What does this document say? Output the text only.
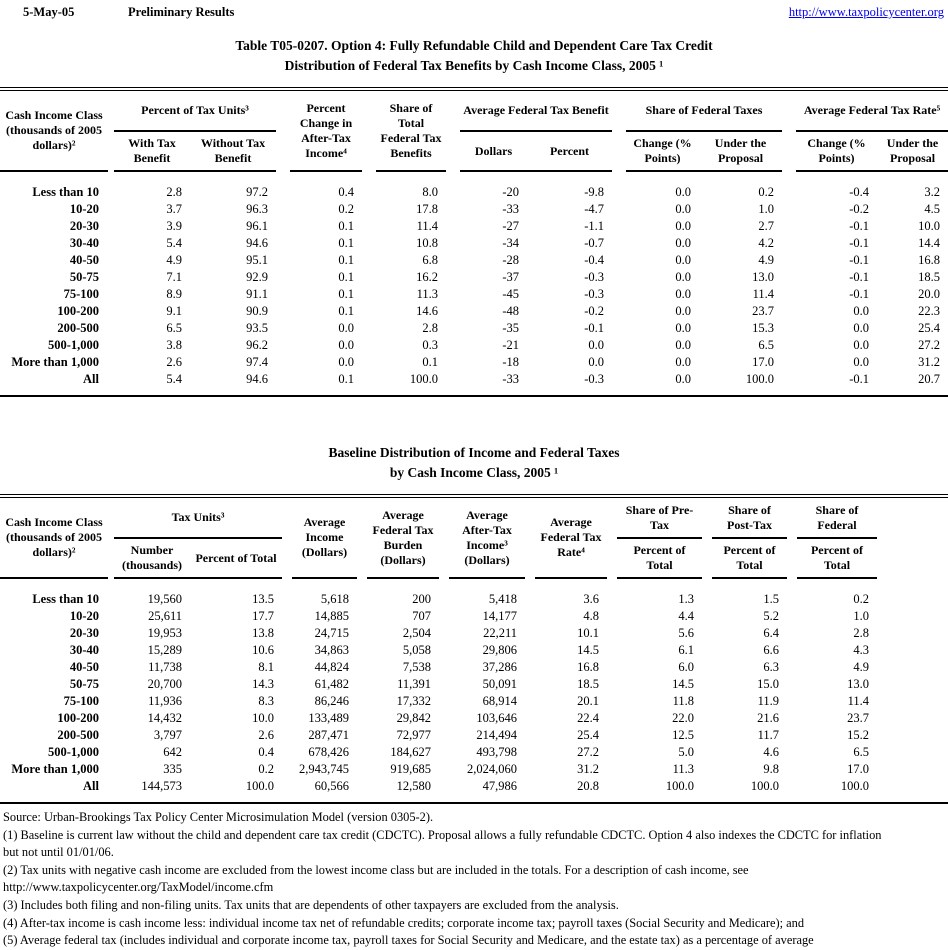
5-May-05	Preliminary Results	http://www.taxpolicycenter.org
Table T05-0207. Option 4: Fully Refundable Child and Dependent Care Tax Credit
Distribution of Federal Tax Benefits by Cash Income Class, 2005 ¹
Cash Income Class (thousands of 2005 dollars)²		Percent of Tax Units³			Percent Change in After-Tax Income⁴		Share of Total Federal Tax Benefits		Average Federal Tax Benefit			Share of Federal Taxes			Average Federal Tax Rate⁵	
		With Tax Benefit	Without Tax Benefit						Dollars	Percent		Change (% Points)	Under the Proposal		Change (% Points)	Under the Proposal
Less than 10		2.8	97.2		0.4		8.0		-20	-9.8		0.0	0.2		-0.4	3.2
10-20		3.7	96.3		0.2		17.8		-33	-4.7		0.0	1.0		-0.2	4.5
20-30		3.9	96.1		0.1		11.4		-27	-1.1		0.0	2.7		-0.1	10.0
30-40		5.4	94.6		0.1		10.8		-34	-0.7		0.0	4.2		-0.1	14.4
40-50		4.9	95.1		0.1		6.8		-28	-0.4		0.0	4.9		-0.1	16.8
50-75		7.1	92.9		0.1		16.2		-37	-0.3		0.0	13.0		-0.1	18.5
75-100		8.9	91.1		0.1		11.3		-45	-0.3		0.0	11.4		-0.1	20.0
100-200		9.1	90.9		0.1		14.6		-48	-0.2		0.0	23.7		0.0	22.3
200-500		6.5	93.5		0.0		2.8		-35	-0.1		0.0	15.3		0.0	25.4
500-1,000		3.8	96.2		0.0		0.3		-21	0.0		0.0	6.5		0.0	27.2
More than 1,000		2.6	97.4		0.0		0.1		-18	0.0		0.0	17.0		0.0	31.2
All		5.4	94.6		0.1		100.0		-33	-0.3		0.0	100.0		-0.1	20.7
Baseline Distribution of Income and Federal Taxes
by Cash Income Class, 2005 ¹
Cash Income Class (thousands of 2005 dollars)²		Tax Units³			Average Income (Dollars)		Average Federal Tax Burden (Dollars)		Average After-Tax Income³ (Dollars)		Average Federal Tax Rate⁴		Share of Pre-Tax		Share of Post-Tax		Share of Federal	
		Number (thousands)	Percent of Total										Percent of Total		Percent of Total		Percent of Total	
Less than 10		19,560	13.5		5,618		200		5,418		3.6		1.3		1.5		0.2	
10-20		25,611	17.7		14,885		707		14,177		4.8		4.4		5.2		1.0	
20-30		19,953	13.8		24,715		2,504		22,211		10.1		5.6		6.4		2.8	
30-40		15,289	10.6		34,863		5,058		29,806		14.5		6.1		6.6		4.3	
40-50		11,738	8.1		44,824		7,538		37,286		16.8		6.0		6.3		4.9	
50-75		20,700	14.3		61,482		11,391		50,091		18.5		14.5		15.0		13.0	
75-100		11,936	8.3		86,246		17,332		68,914		20.1		11.8		11.9		11.4	
100-200		14,432	10.0		133,489		29,842		103,646		22.4		22.0		21.6		23.7	
200-500		3,797	2.6		287,471		72,977		214,494		25.4		12.5		11.7		15.2	
500-1,000		642	0.4		678,426		184,627		493,798		27.2		5.0		4.6		6.5	
More than 1,000		335	0.2		2,943,745		919,685		2,024,060		31.2		11.3		9.8		17.0	
All		144,573	100.0		60,566		12,580		47,986		20.8		100.0		100.0		100.0	
Source: Urban-Brookings Tax Policy Center Microsimulation Model (version 0305-2).
(1) Baseline is current law without the child and dependent care tax credit (CDCTC). Proposal allows a fully refundable CDCTC. Option 4 also indexes the CDCTC for inflation
but not until 01/01/06.
(2) Tax units with negative cash income are excluded from the lowest income class but are included in the totals. For a description of cash income, see
http://www.taxpolicycenter.org/TaxModel/income.cfm
(3) Includes both filing and non-filing units. Tax units that are dependents of other taxpayers are excluded from the analysis.
(4) After-tax income is cash income less: individual income tax net of refundable credits; corporate income tax; payroll taxes (Social Security and Medicare); and
(5) Average federal tax (includes individual and corporate income tax, payroll taxes for Social Security and Medicare, and the estate tax) as a percentage of average
